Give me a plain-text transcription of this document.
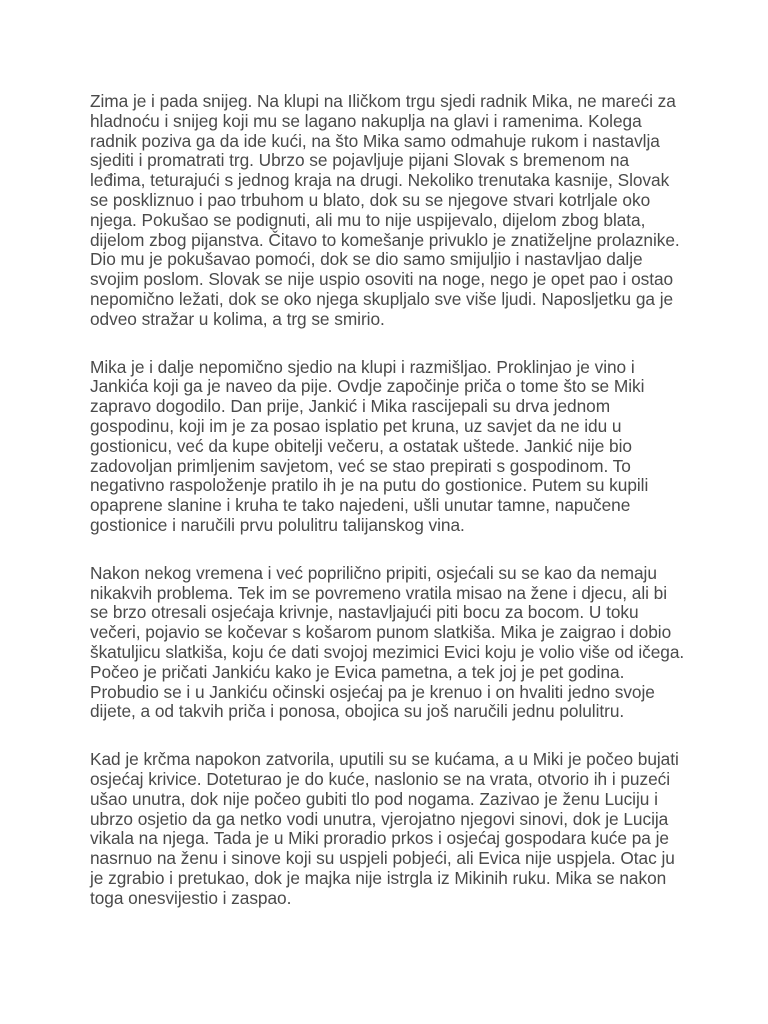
Zima je i pada snijeg. Na klupi na Iličkom trgu sjedi radnik Mika, ne mareći za
hladnoću i snijeg koji mu se lagano nakuplja na glavi i ramenima. Kolega
radnik poziva ga da ide kući, na što Mika samo odmahuje rukom i nastavlja
sjediti i promatrati trg. Ubrzo se pojavljuje pijani Slovak s bremenom na
leđima, teturajući s jednog kraja na drugi. Nekoliko trenutaka kasnije, Slovak
se poskliznuo i pao trbuhom u blato, dok su se njegove stvari kotrljale oko
njega. Pokušao se podignuti, ali mu to nije uspijevalo, dijelom zbog blata,
dijelom zbog pijanstva. Čitavo to komešanje privuklo je znatiželjne prolaznike.
Dio mu je pokušavao pomoći, dok se dio samo smijuljio i nastavljao dalje
svojim poslom. Slovak se nije uspio osoviti na noge, nego je opet pao i ostao
nepomično ležati, dok se oko njega skupljalo sve više ljudi. Naposljetku ga je
odveo stražar u kolima, a trg se smirio.

Mika je i dalje nepomično sjedio na klupi i razmišljao. Proklinjao je vino i
Jankića koji ga je naveo da pije. Ovdje započinje priča o tome što se Miki
zapravo dogodilo. Dan prije, Jankić i Mika rascijepali su drva jednom
gospodinu, koji im je za posao isplatio pet kruna, uz savjet da ne idu u
gostionicu, već da kupe obitelji večeru, a ostatak uštede. Jankić nije bio
zadovoljan primljenim savjetom, već se stao prepirati s gospodinom. To
negativno raspoloženje pratilo ih je na putu do gostionice. Putem su kupili
opaprene slanine i kruha te tako najedeni, ušli unutar tamne, napučene
gostionice i naručili prvu polulitru talijanskog vina.

Nakon nekog vremena i već poprilično pripiti, osjećali su se kao da nemaju
nikakvih problema. Tek im se povremeno vratila misao na žene i djecu, ali bi
se brzo otresali osjećaja krivnje, nastavljajući piti bocu za bocom. U toku
večeri, pojavio se kočevar s košarom punom slatkiša. Mika je zaigrao i dobio
škatuljicu slatkiša, koju će dati svojoj mezimici Evici koju je volio više od ičega.
Počeo je pričati Jankiću kako je Evica pametna, a tek joj je pet godina.
Probudio se i u Jankiću očinski osjećaj pa je krenuo i on hvaliti jedno svoje
dijete, a od takvih priča i ponosa, obojica su još naručili jednu polulitru.

Kad je krčma napokon zatvorila, uputili su se kućama, a u Miki je počeo bujati
osjećaj krivice. Doteturao je do kuće, naslonio se na vrata, otvorio ih i puzeći
ušao unutra, dok nije počeo gubiti tlo pod nogama. Zazivao je ženu Luciju i
ubrzo osjetio da ga netko vodi unutra, vjerojatno njegovi sinovi, dok je Lucija
vikala na njega. Tada je u Miki proradio prkos i osjećaj gospodara kuće pa je
nasrnuo na ženu i sinove koji su uspjeli pobjeći, ali Evica nije uspjela. Otac ju
je zgrabio i pretukao, dok je majka nije istrgla iz Mikinih ruku. Mika se nakon
toga onesvijestio i zaspao.
